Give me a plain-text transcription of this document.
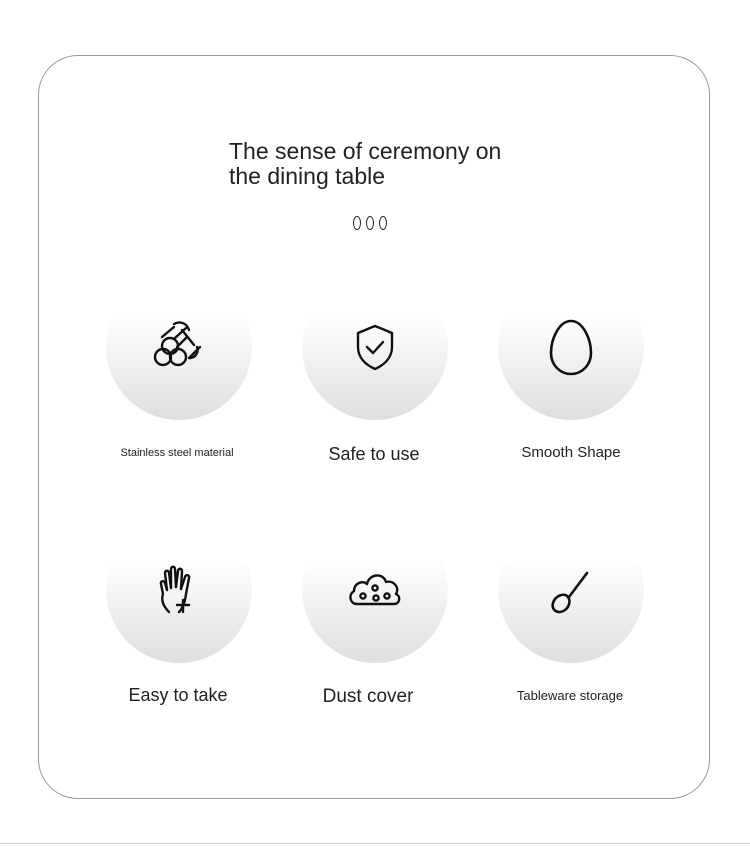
The sense of ceremony on
the dining table
Stainless steel material	Safe to use	Smooth Shape
Easy to take	Dust cover	Tableware storage
